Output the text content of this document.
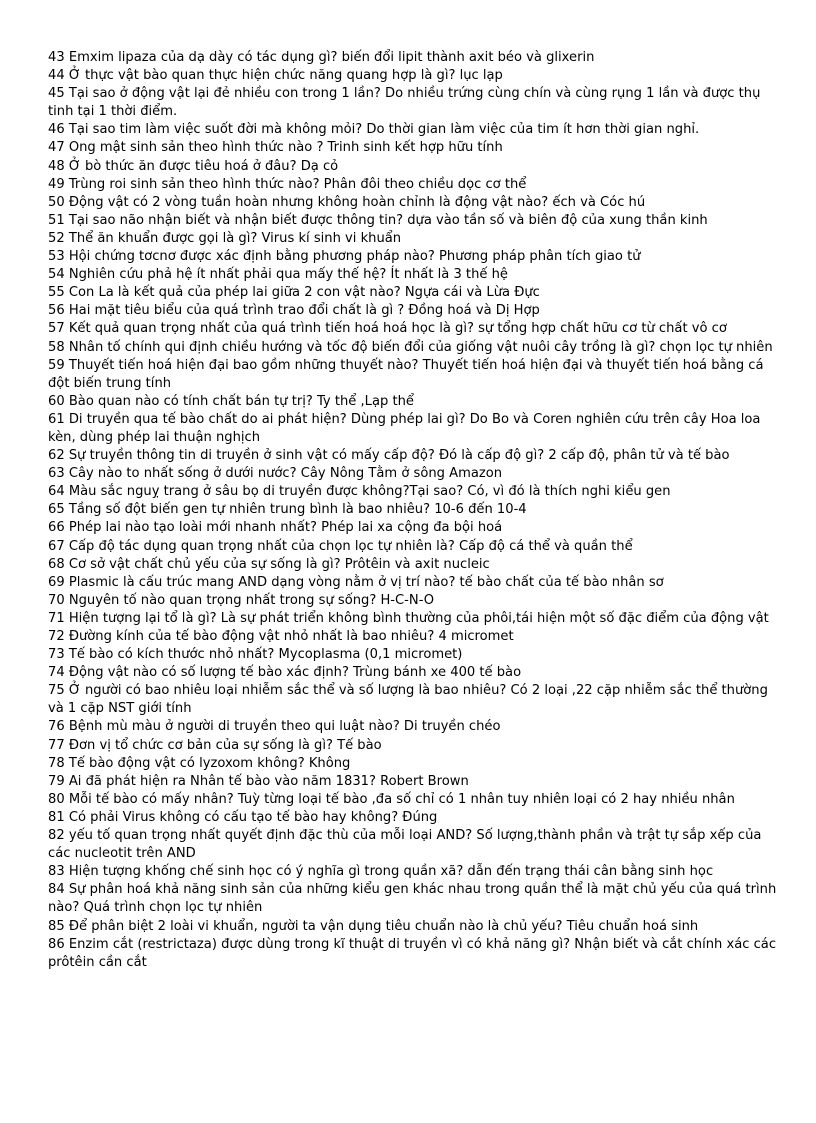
43 Emxim lipaza của dạ dày có tác dụng gì? biến đổi lipit thành axit béo và glixerin

44 Ở thực vật bào quan thực hiện chức năng quang hợp là gì? lục lạp

45 Tại sao ở động vật lại đẻ nhiều con trong 1 lần? Do nhiều trứng cùng chín và cùng rụng 1 lần và được thụ tinh tại 1 thời điểm.

46 Tại sao tim làm việc suốt đời mà không mỏi? Do thời gian làm việc của tim ít hơn thời gian nghỉ.

47 Ong mật sinh sản theo hình thức nào ? Trinh sinh kết hợp hữu tính

48 Ở bò thức ăn được tiêu hoá ở đâu? Dạ cỏ

49 Trùng roi sinh sản theo hình thức nào? Phân đôi theo chiều dọc cơ thể

50 Động vật có 2 vòng tuần hoàn nhưng không hoàn chỉnh là động vật nào? ếch và Cóc hú

51 Tại sao não nhận biết và nhận biết được thông tin? dựa vào tần số và biên độ của xung thần kinh

52 Thể ăn khuẩn được gọi là gì? Virus kí sinh vi khuẩn

53 Hội chứng tơcnơ được xác định bằng phương pháp nào? Phương pháp phân tích giao tử

54 Nghiên cứu phả hệ ít nhất phải qua mấy thế hệ? Ít nhất là 3 thế hệ

55 Con La là kết quả của phép lai giữa 2 con vật nào? Ngựa cái và Lừa Đực

56 Hai mặt tiêu biểu của quá trình trao đổi chất là gì ? Đồng hoá và Dị Hợp

57 Kết quả quan trọng nhất của quá trình tiến hoá hoá học là gì? sự tổng hợp chất hữu cơ từ chất vô cơ

58 Nhân tố chính qui định chiều hướng và tốc độ biến đổi của giống vật nuôi cây trồng là gì? chọn lọc tự nhiên

59 Thuyết tiến hoá hiện đại bao gồm những thuyết nào? Thuyết tiến hoá hiện đại và thuyết tiến hoá bằng cá đột biến trung tính

60 Bào quan nào có tính chất bán tự trị? Ty thể ,Lạp thể

61 Di truyền qua tế bào chất do ai phát hiện? Dùng phép lai gì? Do Bo và Coren nghiên cứu trên cây Hoa loa kèn, dùng phép lai thuận nghịch

62 Sự truyền thông tin di truyền ở sinh vật có mấy cấp độ? Đó là cấp độ gì? 2 cấp độ, phân tử và tế bào

63 Cây nào to nhất sống ở dưới nước? Cây Nông Tằm ở sông Amazon

64 Màu sắc nguỵ trang ở sâu bọ di truyền được không?Tại sao? Có, vì đó là thích nghi kiểu gen

65 Tầng số đột biến gen tự nhiên trung bình là bao nhiêu? 10-6 đến 10-4

66 Phép lai nào tạo loài mới nhanh nhất? Phép lai xa cộng đa bội hoá

67 Cấp độ tác dụng quan trọng nhất của chọn lọc tự nhiên là? Cấp độ cá thể và quần thể

68 Cơ sở vật chất chủ yếu của sự sống là gì? Prôtêin và axit nucleic

69 Plasmic là cấu trúc mang AND dạng vòng nằm ở vị trí nào? tế bào chất của tế bào nhân sơ

70 Nguyên tố nào quan trọng nhất trong sự sống? H-C-N-O

71 Hiện tượng lại tổ là gì? Là sự phát triển không bình thường của phôi,tái hiện một số đặc điểm của động vật

72 Đường kính của tế bào động vật nhỏ nhất là bao nhiêu? 4 micromet

73 Tế bào có kích thước nhỏ nhất? Mycoplasma (0,1 micromet)

74 Động vật nào có số lượng tế bào xác định? Trùng bánh xe 400 tế bào

75 Ở người có bao nhiêu loại nhiễm sắc thể và số lượng là bao nhiêu? Có 2 loại ,22 cặp nhiễm sắc thể thường và 1 cặp NST giới tính

76 Bệnh mù màu ở người di truyền theo qui luật nào? Di truyền chéo

77 Đơn vị tổ chức cơ bản của sự sống là gì? Tế bào

78 Tế bào động vật có lyzoxom không? Không

79 Ai đã phát hiện ra Nhân tế bào vào năm 1831? Robert Brown

80 Mỗi tế bào có mấy nhân? Tuỳ từng loại tế bào ,đa số chỉ có 1 nhân tuy nhiên loại có 2 hay nhiều nhân

81 Có phải Virus không có cấu tạo tế bào hay không? Đúng

82 yếu tố quan trọng nhất quyết định đặc thù của mỗi loại AND? Số lượng,thành phần và trật tự sắp xếp của các nucleotit trên AND

83 Hiện tượng khống chế sinh học có ý nghĩa gì trong quần xã? dẫn đến trạng thái cân bằng sinh học

84 Sự phân hoá khả năng sinh sản của những kiểu gen khác nhau trong quần thể là mặt chủ yếu của quá trình nào? Quá trình chọn lọc tự nhiên

85 Để phân biệt 2 loài vi khuẩn, người ta vận dụng tiêu chuẩn nào là chủ yếu? Tiêu chuẩn hoá sinh

86 Enzim cắt (restrictaza) được dùng trong kĩ thuật di truyền vì có khả năng gì? Nhận biết và cắt chính xác các prôtêin cần cắt
